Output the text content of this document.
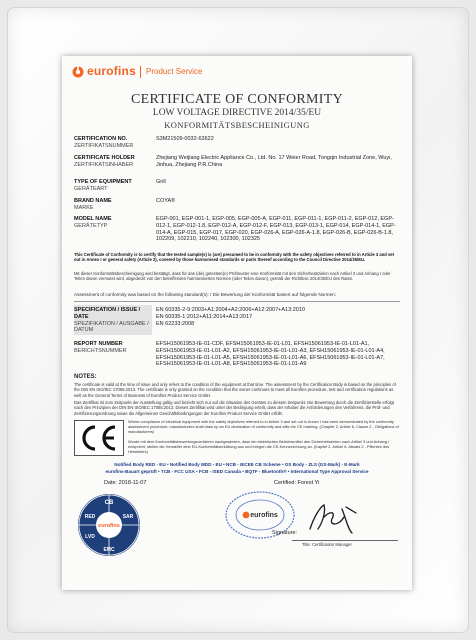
eurofins Product Service
CERTIFICATE OF CONFORMITY
LOW VOLTAGE DIRECTIVE 2014/35/EU
KONFORMITÄTSBESCHEINIGUNG
CERTIFICATION NO.
ZERTIFIKATSNUMMER
S3M21509-0032-63622
CERTIFICATE HOLDER
ZERTIFIKATSINHABER
Zhejiang Weijiang Electric Appliance Co., Ltd. No. 17 Weier Road, Tongqin Industrial Zone, Wuyi, Jinhua, Zhejiang P.R.China
TYPE OF EQUIPMENT
GERÄTEART
Grill
BRAND NAME
MARKE
COYA®
MODEL NAME
GERÄTETYP
EGP-001, EGP-001-1, EGP-005, EGP-005-A, EGP-011, EGP-011-1, EGP-011-2, EGP-012, EGP-012-1, EGP-012-1.8, EGP-012-A, EGP-012-F, EGP-013, EGP-013-1, EGP-014, EGP-014-1, EGP-014-A, EGP-015, EGP-017, EGP-020, EGP-026-A, EGP-026-A-1.8, EGP-026-B, EGP-026-B-1.8, 102209, 102210, 102240, 102300, 102325
This Certificate of Conformity is to certify that the tested sample(s) is (are) presumed to be in conformity with the safety objectives referred to in Article 3 and set out in Annex I or general safety (Article 2), covered by those harmonised standards or parts thereof according to the Council Directive 2014/35/EU.
Mit dieser Konformitätsbescheinigung wird bestätigt, dass für das (die) getestete(n) Prüfmuster eine Konformität mit den Sicherheitszielen nach Artikel 3 und Anhang I oder Teilen davon vermutet wird, abgedeckt von den betreffenden harmonisierten Normen (oder Teilen davon), gemäß der Richtlinie 2014/35/EU des Rates.
Assessment of conformity was based on the following standard(s): / Die Bewertung der Konformität basiert auf folgende Normen:
SPECIFICATION / ISSUE / DATE
SPEZIFIKATION / AUSGABE / DATUM
EN 60335-2-9:2003+A1:2004+A2:2006+A12:2007+A13:2010
EN 60335-1:2012+A11:2014+A13:2017
EN 62233:2008
REPORT NUMBER
BERICHTSNUMMER
EFSH15061953-IE-01-CDF, EFSH15061953-IE-01-L01, EFSH15061953-IE-01-L01-A1, EFSH15061953-IE-01-L01-A2, EFSH15061953-IE-01-L01-A3, EFSH15061953-IE-01-L01-A4, EFSH15061953-IE-01-L01-A5, EFSH15061953-IE-01-L01-A6, EFSH15061953-IE-01-L01-A7, EFSH15061953-IE-01-L01-A8, EFSH15061953-IE-01-L01-A9
NOTES:
The certificate is valid at the time of issue and only refers to the condition of the equipment at that time. The assessment by the Certification Body is based on the principles of the DIN EN ISO/IEC 17065:2013. The certificate is only granted on the condition that the owner continues to meet all Eurofins procedure, test and certification regulations as well as the General Terms of Business of Eurofins Product Service GmbH.
Das Zertifikat ist zum Zeitpunkt der Ausstellung gültig und bezieht sich nur auf die Situation des Gerätes zu diesem Zeitpunkt. Die Bewertung durch die Zertifizierstelle erfolgt nach den Prinzipien der DIN EN ISO/IEC 17065:2013. Dieses Zertifikat wird unter der Bedingung erteilt, dass der Inhaber die Anforderungen des Verfahrens, die Prüf- und Zertifizierungsordnung sowie die Allgemeinen Geschäftsbedingungen der Eurofins Product Service GmbH erfüllt.
Where compliance of electrical equipment with the safety objectives referred to in Article 3 and set out in Annex I has been demonstrated by the conformity assessment procedure, manufacturers shall draw up an EU declaration of conformity and affix the CE marking. (Chapter 2, Article 6, Clause 2 - Obligations of manufacturers)
Wurde mit dem Konformitätsbewertungsverfahren nachgewiesen, dass ein elektrisches Betriebsmittel den Sicherheitszielen nach Artikel 3 und Anhang I entspricht, stellen die Hersteller eine EU-Konformitätserklärung aus und bringen die CE-Kennzeichnung an. (Kapitel 2, Artikel 6, Absatz 2 - Pflichten des Herstellers)
Notified Body RED - EU • Notified Body MDD - EU • NCB - IECEE CB Scheme • GS Body - ZLS (GS-Mark) - E-Mark
eurofins-Bauart geprüft • TCB - FCC USA • FCB - ISED Canada • BQTF - Bluetooth® • International Type Approval Service
Date: 2018-11-07	Certified: Forest Yi
eurofins
CB
SAR
EMC
RED
LVD
eurofins
Signature:
Title: Certification Manager
